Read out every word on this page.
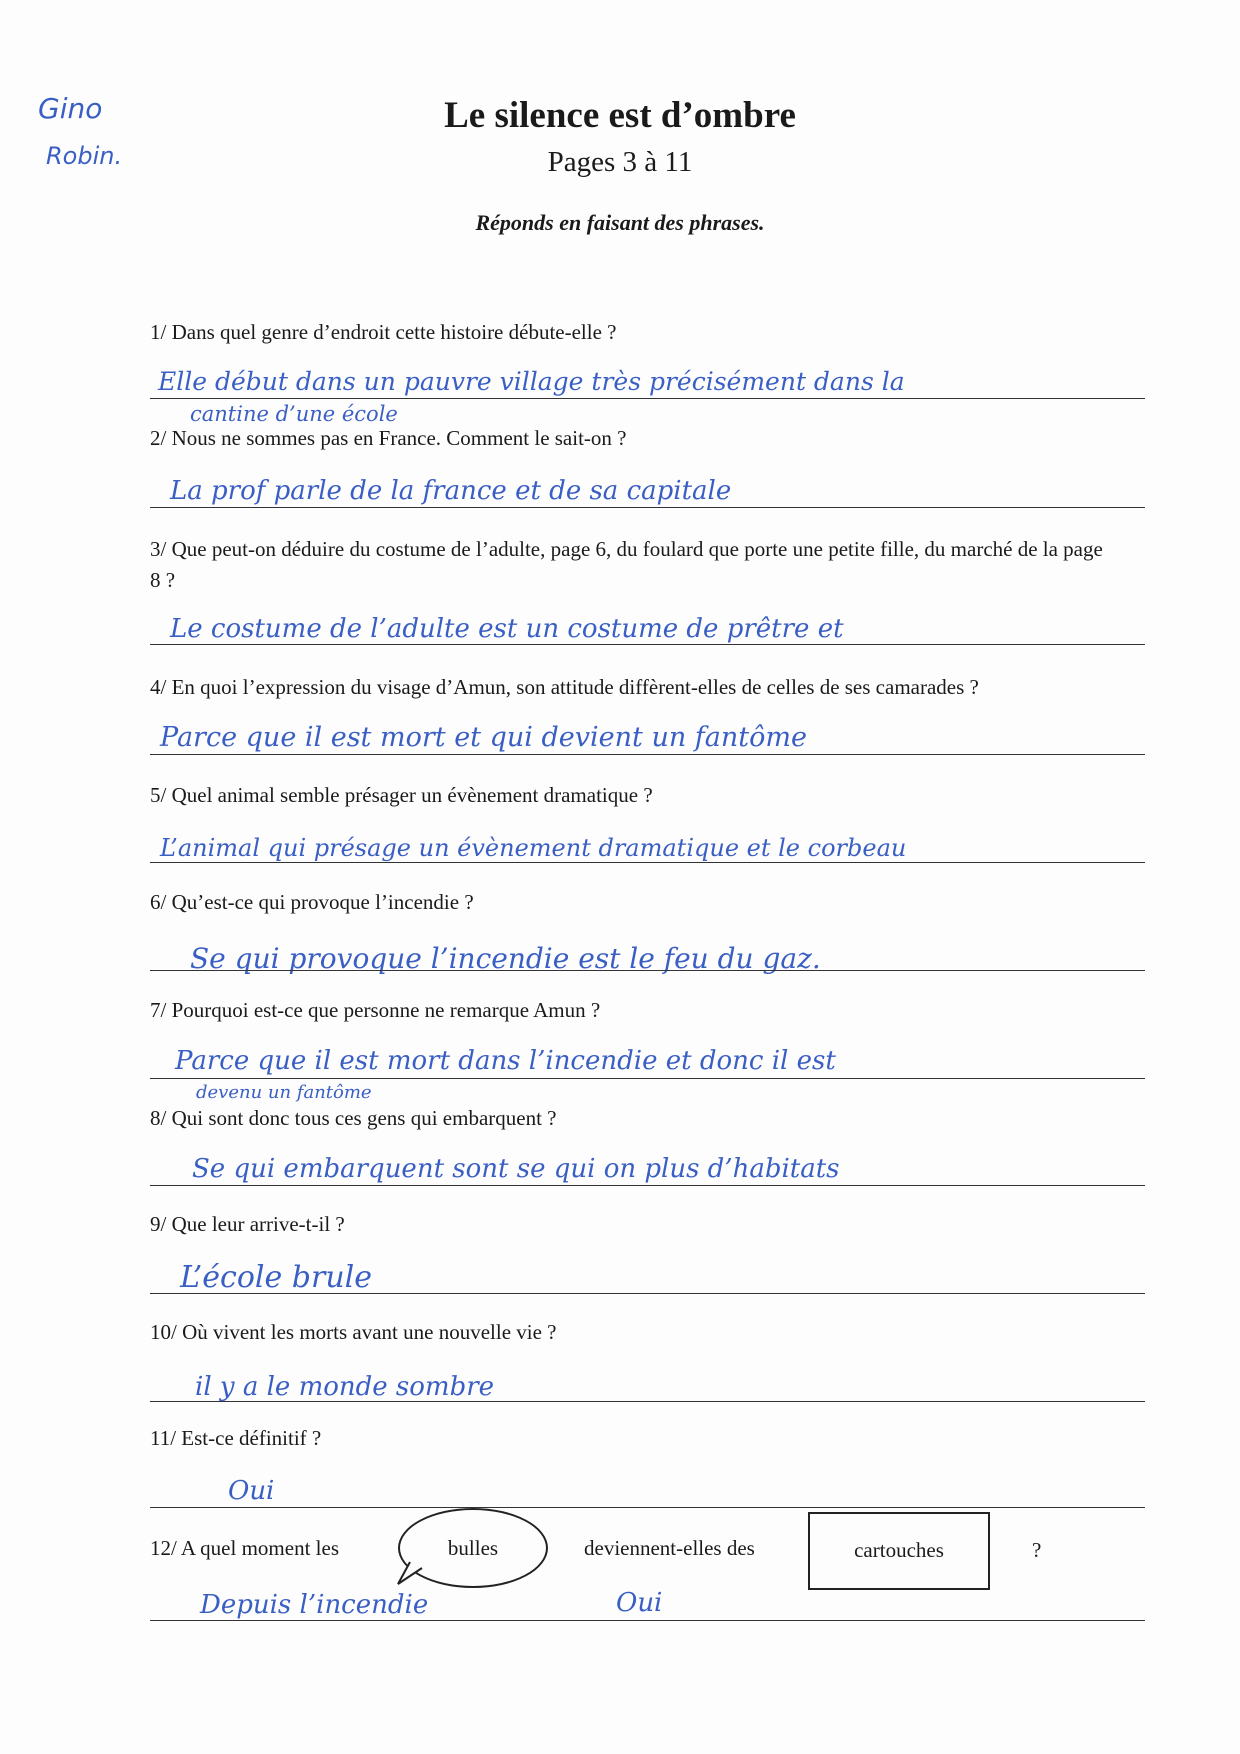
Gino
Robin.
Le silence est d’ombre
Pages 3 à 11
Réponds en faisant des phrases.
1/ Dans quel genre d’endroit cette histoire débute-elle ?
Elle début dans un pauvre village très précisément dans la
cantine d’une école
2/ Nous ne sommes pas en France. Comment le sait-on ?
La prof parle de la france et de sa capitale
3/ Que peut-on déduire du costume de l’adulte, page 6, du foulard que porte une petite fille, du marché de la page 8 ?
Le costume de l’adulte est un costume de prêtre et
4/ En quoi l’expression du visage d’Amun, son attitude diffèrent-elles de celles de ses camarades ?
Parce que il est mort et qui devient un fantôme
5/ Quel animal semble présager un évènement dramatique ?
L’animal qui présage un évènement dramatique et le corbeau
6/ Qu’est-ce qui provoque l’incendie ?
Se qui provoque l’incendie est le feu du gaz.
7/ Pourquoi est-ce que personne ne remarque Amun ?
Parce que il est mort dans l’incendie et donc il est
devenu un fantôme
8/ Qui sont donc tous ces gens qui embarquent ?
Se qui embarquent sont se qui on plus d’habitats
9/ Que leur arrive-t-il ?
L’école brule
10/ Où vivent les morts avant une nouvelle vie ?
il y a le monde sombre
11/ Est-ce définitif ?
Oui
12/ A quel moment les	bulles	deviennent-elles des	cartouches	?
Depuis l’incendie	Oui
